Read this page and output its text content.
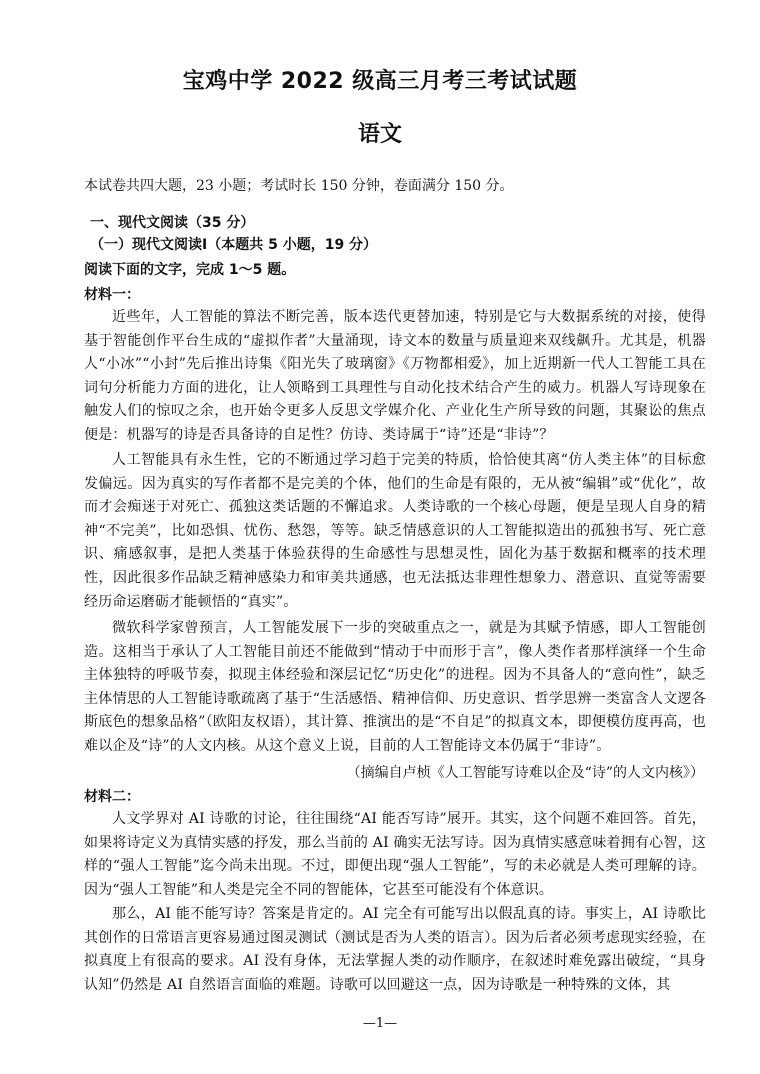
宝鸡中学 2022 级高三月考三考试试题
语文
本试卷共四大题，23 小题；考试时长 150 分钟，卷面满分 150 分。
一、现代文阅读（35 分）
（一）现代文阅读Ⅰ（本题共 5 小题，19 分）
阅读下面的文字，完成 1～5 题。
材料一：
近些年，人工智能的算法不断完善，版本迭代更替加速，特别是它与大数据系统的对接，使得基于智能创作平台生成的“虚拟作者”大量涌现，诗文本的数量与质量迎来双线飙升。尤其是，机器人“小冰”“小封”先后推出诗集《阳光失了玻璃窗》《万物都相爱》，加上近期新一代人工智能工具在词句分析能力方面的进化，让人领略到工具理性与自动化技术结合产生的威力。机器人写诗现象在触发人们的惊叹之余，也开始令更多人反思文学媒介化、产业化生产所导致的问题，其聚讼的焦点便是：机器写的诗是否具备诗的自足性？仿诗、类诗属于“诗”还是“非诗”？
人工智能具有永生性，它的不断通过学习趋于完美的特质，恰恰使其离“仿人类主体”的目标愈发偏远。因为真实的写作者都不是完美的个体，他们的生命是有限的，无从被“编辑”或“优化”，故而才会痴迷于对死亡、孤独这类话题的不懈追求。人类诗歌的一个核心母题，便是呈现人自身的精神“不完美”，比如恐惧、忧伤、愁怨，等等。缺乏情感意识的人工智能拟造出的孤独书写、死亡意识、痛感叙事，是把人类基于体验获得的生命感性与思想灵性，固化为基于数据和概率的技术理性，因此很多作品缺乏精神感染力和审美共通感，也无法抵达非理性想象力、潜意识、直觉等需要经历命运磨砺才能顿悟的“真实”。
微软科学家曾预言，人工智能发展下一步的突破重点之一，就是为其赋予情感，即人工智能创造。这相当于承认了人工智能目前还不能做到“情动于中而形于言”，像人类作者那样演绎一个生命主体独特的呼吸节奏，拟现主体经验和深层记忆“历史化”的进程。因为不具备人的“意向性”，缺乏主体情思的人工智能诗歌疏离了基于“生活感悟、精神信仰、历史意识、哲学思辨一类富含人文逻各斯底色的想象品格”（欧阳友权语），其计算、推演出的是“不自足”的拟真文本，即便模仿度再高，也难以企及“诗”的人文内核。从这个意义上说，目前的人工智能诗文本仍属于“非诗”。
（摘编自卢桢《人工智能写诗难以企及“诗”的人文内核》）
材料二：
人文学界对 AI 诗歌的讨论，往往围绕“AI 能否写诗”展开。其实，这个问题不难回答。首先，如果将诗定义为真情实感的抒发，那么当前的 AI 确实无法写诗。因为真情实感意味着拥有心智，这样的“强人工智能”迄今尚未出现。不过，即便出现“强人工智能”，写的未必就是人类可理解的诗。因为“强人工智能”和人类是完全不同的智能体，它甚至可能没有个体意识。
那么，AI 能不能写诗？答案是肯定的。AI 完全有可能写出以假乱真的诗。事实上，AI 诗歌比其创作的日常语言更容易通过图灵测试（测试是否为人类的语言）。因为后者必须考虑现实经验，在拟真度上有很高的要求。AI 没有身体，无法掌握人类的动作顺序，在叙述时难免露出破绽，“具身认知”仍然是 AI 自然语言面临的难题。诗歌可以回避这一点，因为诗歌是一种特殊的文体，其
—1—
